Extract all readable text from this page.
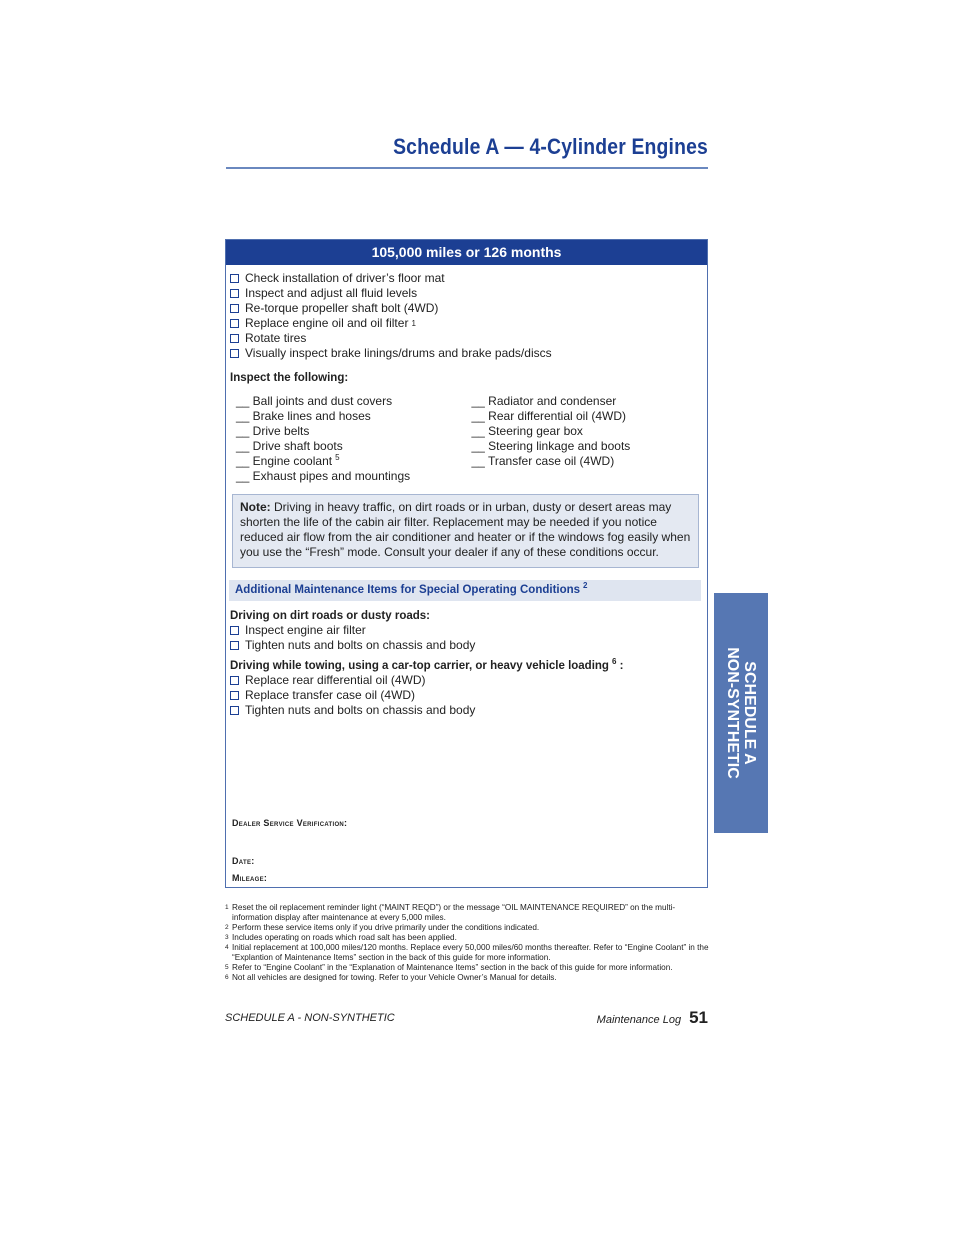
Schedule A — 4-Cylinder Engines
105,000 miles or 126 months
Check installation of driver’s floor mat
Inspect and adjust all fluid levels
Re-torque propeller shaft bolt (4WD)
Replace engine oil and oil filter 1
Rotate tires
Visually inspect brake linings/drums and brake pads/discs
Inspect the following:
__ Ball joints and dust covers
__ Brake lines and hoses
__ Drive belts
__ Drive shaft boots
__ Engine coolant $^5$
__ Exhaust pipes and mountings
__ Radiator and condenser
__ Rear differential oil (4WD)
__ Steering gear box
__ Steering linkage and boots
__ Transfer case oil (4WD)
Note: Driving in heavy traffic, on dirt roads or in urban, dusty or desert areas may shorten the life of the cabin air filter. Replacement may be needed if you notice reduced air flow from the air conditioner and heater or if the windows fog easily when you use the “Fresh” mode. Consult your dealer if any of these conditions occur.
Additional Maintenance Items for Special Operating Conditions $^2$
Driving on dirt roads or dusty roads:
Inspect engine air filter
Tighten nuts and bolts on chassis and body
Driving while towing, using a car-top carrier, or heavy vehicle loading $^6$ :
Replace rear differential oil (4WD)
Replace transfer case oil (4WD)
Tighten nuts and bolts on chassis and body
Dealer Service Verification:
Date:
Mileage:
1 Reset the oil replacement reminder light (“MAINT REQD”) or the message “OIL MAINTENANCE REQUIRED” on the multi-information display after maintenance at every 5,000 miles.
2 Perform these service items only if you drive primarily under the conditions indicated.
3 Includes operating on roads which road salt has been applied.
4 Initial replacement at 100,000 miles/120 months. Replace every 50,000 miles/60 months thereafter. Refer to “Engine Coolant” in the “Explantion of Maintenance Items” section in the back of this guide for more information.
5 Refer to “Engine Coolant” in the “Explanation of Maintenance Items” section in the back of this guide for more information.
6 Not all vehicles are designed for towing. Refer to your Vehicle Owner’s Manual for details.
SCHEDULE A - NON-SYNTHETIC	Maintenance Log 51
SCHEDULE A
NON-SYNTHETIC
